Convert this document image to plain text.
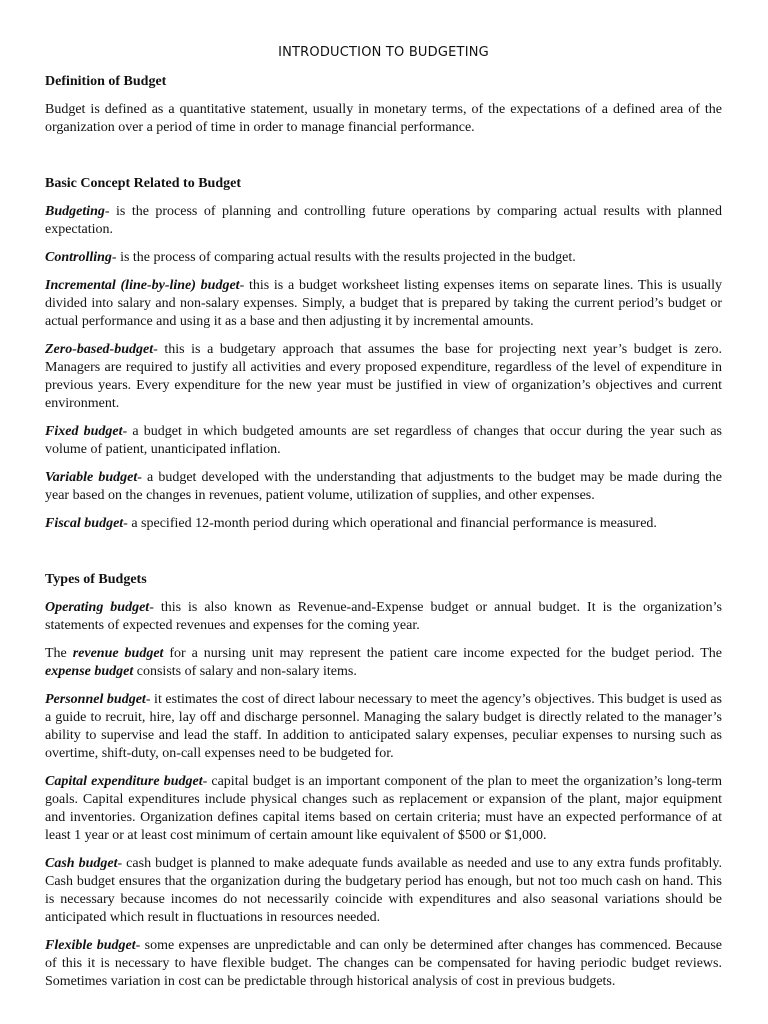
INTRODUCTION TO BUDGETING
Definition of Budget

Budget is defined as a quantitative statement, usually in monetary terms, of the expectations of a defined area of the organization over a period of time in order to manage financial performance.

Basic Concept Related to Budget

Budgeting- is the process of planning and controlling future operations by comparing actual results with planned expectation.

Controlling- is the process of comparing actual results with the results projected in the budget.

Incremental (line-by-line) budget- this is a budget worksheet listing expenses items on separate lines. This is usually divided into salary and non-salary expenses. Simply, a budget that is prepared by taking the current period’s budget or actual performance and using it as a base and then adjusting it by incremental amounts.

Zero-based-budget- this is a budgetary approach that assumes the base for projecting next year’s budget is zero. Managers are required to justify all activities and every proposed expenditure, regardless of the level of expenditure in previous years. Every expenditure for the new year must be justified in view of organization’s objectives and current environment.

Fixed budget- a budget in which budgeted amounts are set regardless of changes that occur during the year such as volume of patient, unanticipated inflation.

Variable budget- a budget developed with the understanding that adjustments to the budget may be made during the year based on the changes in revenues, patient volume, utilization of supplies, and other expenses.

Fiscal budget- a specified 12-month period during which operational and financial performance is measured.

Types of Budgets

Operating budget- this is also known as Revenue-and-Expense budget or annual budget. It is the organization’s statements of expected revenues and expenses for the coming year.

The revenue budget for a nursing unit may represent the patient care income expected for the budget period. The expense budget consists of salary and non-salary items.

Personnel budget- it estimates the cost of direct labour necessary to meet the agency’s objectives. This budget is used as a guide to recruit, hire, lay off and discharge personnel. Managing the salary budget is directly related to the manager’s ability to supervise and lead the staff. In addition to anticipated salary expenses, peculiar expenses to nursing such as overtime, shift-duty, on-call expenses need to be budgeted for.

Capital expenditure budget- capital budget is an important component of the plan to meet the organization’s long-term goals. Capital expenditures include physical changes such as replacement or expansion of the plant, major equipment and inventories. Organization defines capital items based on certain criteria; must have an expected performance of at least 1 year or at least cost minimum of certain amount like equivalent of $500 or $1,000.

Cash budget- cash budget is planned to make adequate funds available as needed and use to any extra funds profitably. Cash budget ensures that the organization during the budgetary period has enough, but not too much cash on hand. This is necessary because incomes do not necessarily coincide with expenditures and also seasonal variations should be anticipated which result in fluctuations in resources needed.

Flexible budget- some expenses are unpredictable and can only be determined after changes has commenced. Because of this it is necessary to have flexible budget. The changes can be compensated for having periodic budget reviews. Sometimes variation in cost can be predictable through historical analysis of cost in previous budgets.
